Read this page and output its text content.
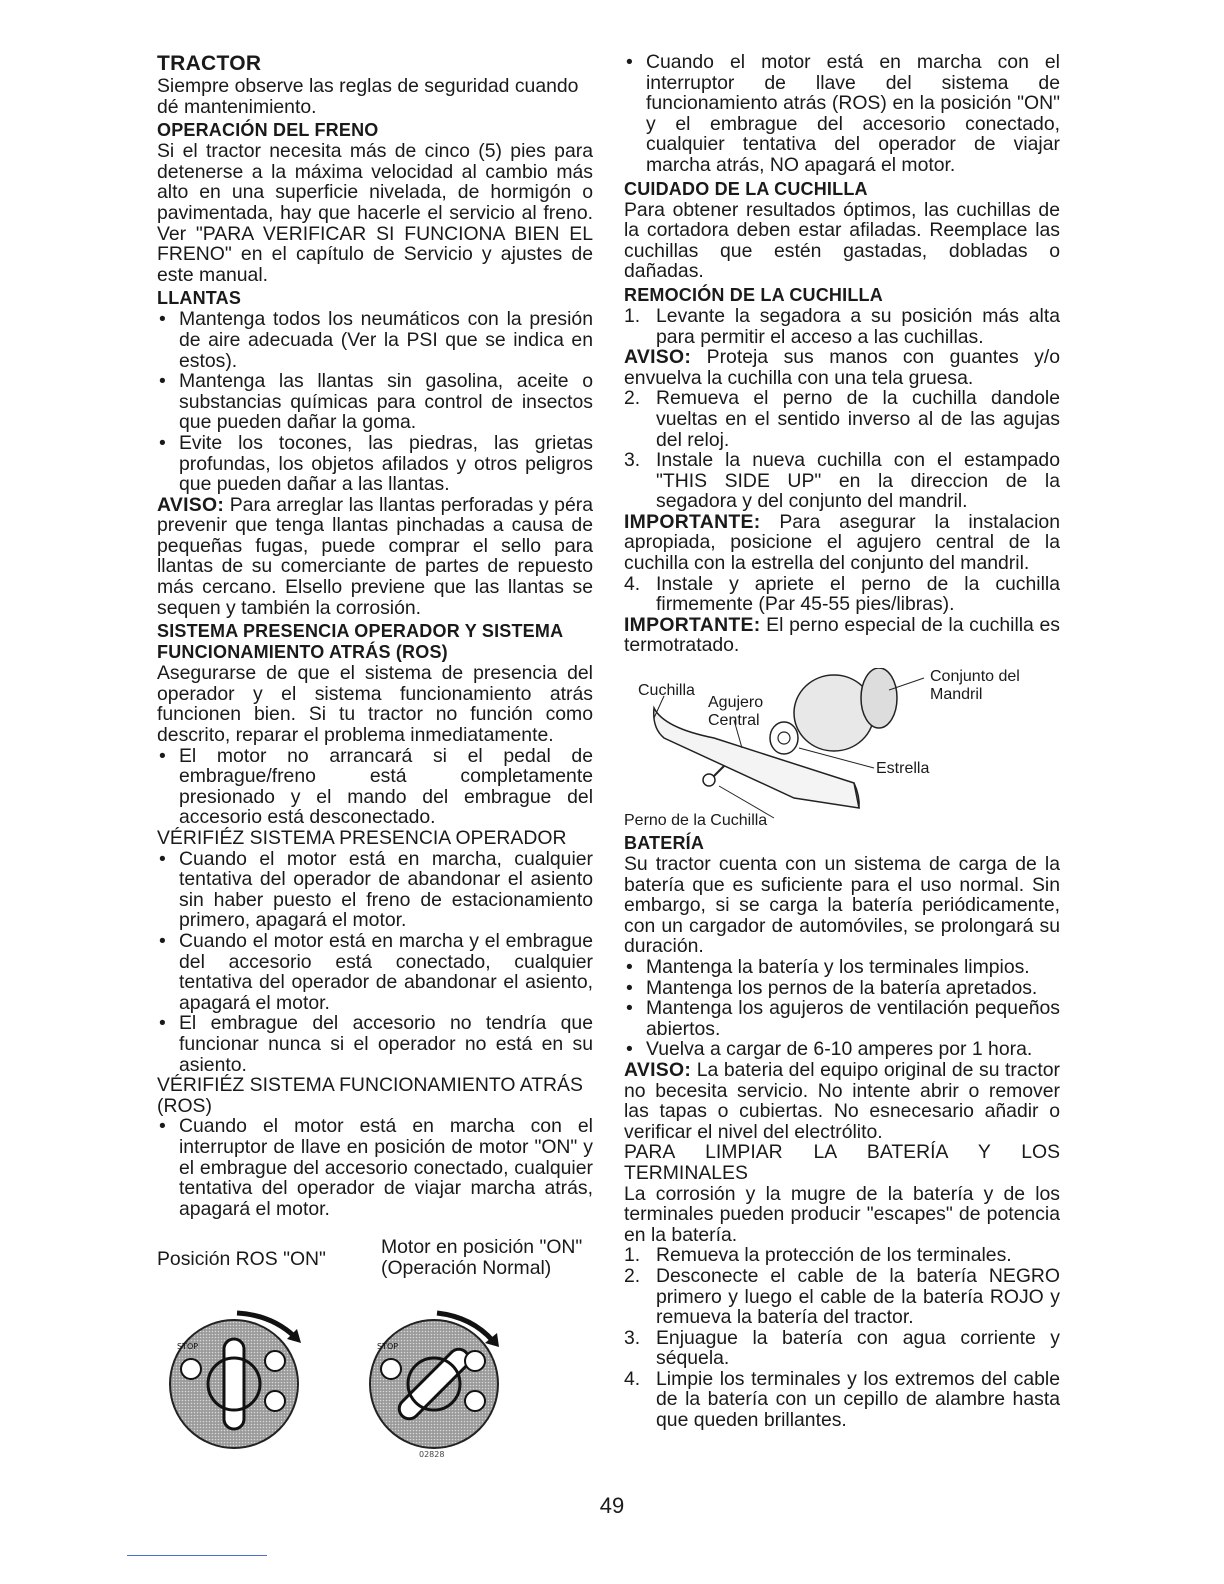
TRACTOR

Siempre observe las reglas de seguridad cuando dé mantenimiento.

OPERACIÓN DEL FRENO

Si el tractor necesita más de cinco (5) pies para detenerse a la máxima velocidad al cambio más alto en una superficie nivelada, de hormigón o pavimentada, hay que hacerle el servicio al freno. Ver "PARA VERIFICAR SI FUNCIONA BIEN EL FRENO" en el capítulo de Servicio y ajustes de este manual.

LLANTAS
• Mantenga todos los neumáticos con la presión de aire adecuada (Ver la PSI que se indica en estos).
• Mantenga las llantas sin gasolina, aceite o substancias químicas para control de insectos que pueden dañar la goma.
• Evite los tocones, las piedras, las grietas profundas, los objetos afilados y otros peligros que pueden dañar a las llantas.

AVISO: Para arreglar las llantas perforadas y péra prevenir que tenga llantas pinchadas a causa de pequeñas fugas, puede comprar el sello para llantas de su comerciante de partes de repuesto más cercano. Elsello previene que las llantas se sequen y también la corrosión.

SISTEMA PRESENCIA OPERADOR Y SISTEMA FUNCIONAMIENTO ATRÁS (ROS)

Asegurarse de que el sistema de presencia del operador y el sistema funcionamiento atrás funcionen bien. Si tu tractor no función como descrito, reparar el problema inmediatamente.

• El motor no arrancará si el pedal de embrague/freno está completamente presionado y el mando del embrague del accesorio está desconectado.

VÉRIFIÉZ SISTEMA PRESENCIA OPERADOR

• Cuando el motor está en marcha, cualquier tentativa del operador de abandonar el asiento sin haber puesto el freno de estacionamiento primero, apagará el motor.
• Cuando el motor está en marcha y el embrague del accesorio está conectado, cualquier tentativa del operador de abandonar el asiento, apagará el motor.
• El embrague del accesorio no tendría que funcionar nunca si el operador no está en su asiento.

VÉRIFIÉZ SISTEMA FUNCIONAMIENTO ATRÁS (ROS)

• Cuando el motor está en marcha con el interruptor de llave en posición de motor "ON" y el embrague del accesorio conectado, cualquier tentativa del operador de viajar marcha atrás, apagará el motor.
Posición ROS "ON"
Motor en posición "ON" (Operación Normal)
STOP	STOP
02828
• Cuando el motor está en marcha con el interruptor de llave del sistema de funcionamiento atrás (ROS) en la posición "ON" y el embrague del accesorio conectado, cualquier tentativa del operador de viajar marcha atrás, NO apagará el motor.
CUIDADO DE LA CUCHILLA

Para obtener resultados óptimos, las cuchillas de la cortadora deben estar afiladas. Reemplace las cuchillas que estén gastadas, dobladas o dañadas.

REMOCIÓN DE LA CUCHILLA
1. Levante la segadora a su posición más alta para permitir el acceso a las cuchillas.

AVISO: Proteja sus manos con guantes y/o envuelva la cuchilla con una tela gruesa.

2. Remueva el perno de la cuchilla dandole vueltas en el sentido inverso al de las agujas del reloj.
3. Instale la nueva cuchilla con el estampado "THIS SIDE UP" en la direccion de la segadora y del conjunto del mandril.

IMPORTANTE: Para asegurar la instalacion apropiada, posicione el agujero central de la cuchilla con la estrella del conjunto del mandril.

4. Instale y apriete el perno de la cuchilla firmemente (Par 45-55 pies/libras).

IMPORTANTE: El perno especial de la cuchilla es termotratado.

Cuchilla
Agujero
Central
Conjunto del
Mandril
Estrella
Perno de la Cuchilla
BATERÍA

Su tractor cuenta con un sistema de carga de la batería que es suficiente para el uso normal. Sin embargo, si se carga la batería periódicamente, con un cargador de automóviles, se prolongará su duración.

• Mantenga la batería y los terminales limpios.
• Mantenga los pernos de la batería apretados.
• Mantenga los agujeros de ventilación pequeños abiertos.
• Vuelva a cargar de 6-10 amperes por 1 hora.

AVISO: La bateria del equipo original de su tractor no becesita servicio. No intente abrir o remover las tapas o cubiertas. No esnecesario añadir o verificar el nivel del electrólito.

PARA LIMPIAR LA BATERÍA Y LOS TERMINALES

La corrosión y la mugre de la batería y de los terminales pueden producir "escapes" de potencia en la batería.

1. Remueva la protección de los terminales.
2. Desconecte el cable de la batería NEGRO primero y luego el cable de la batería ROJO y remueva la batería del tractor.
3. Enjuague la batería con agua corriente y séquela.
4. Limpie los terminales y los extremos del cable de la batería con un cepillo de alambre hasta que queden brillantes.
49
